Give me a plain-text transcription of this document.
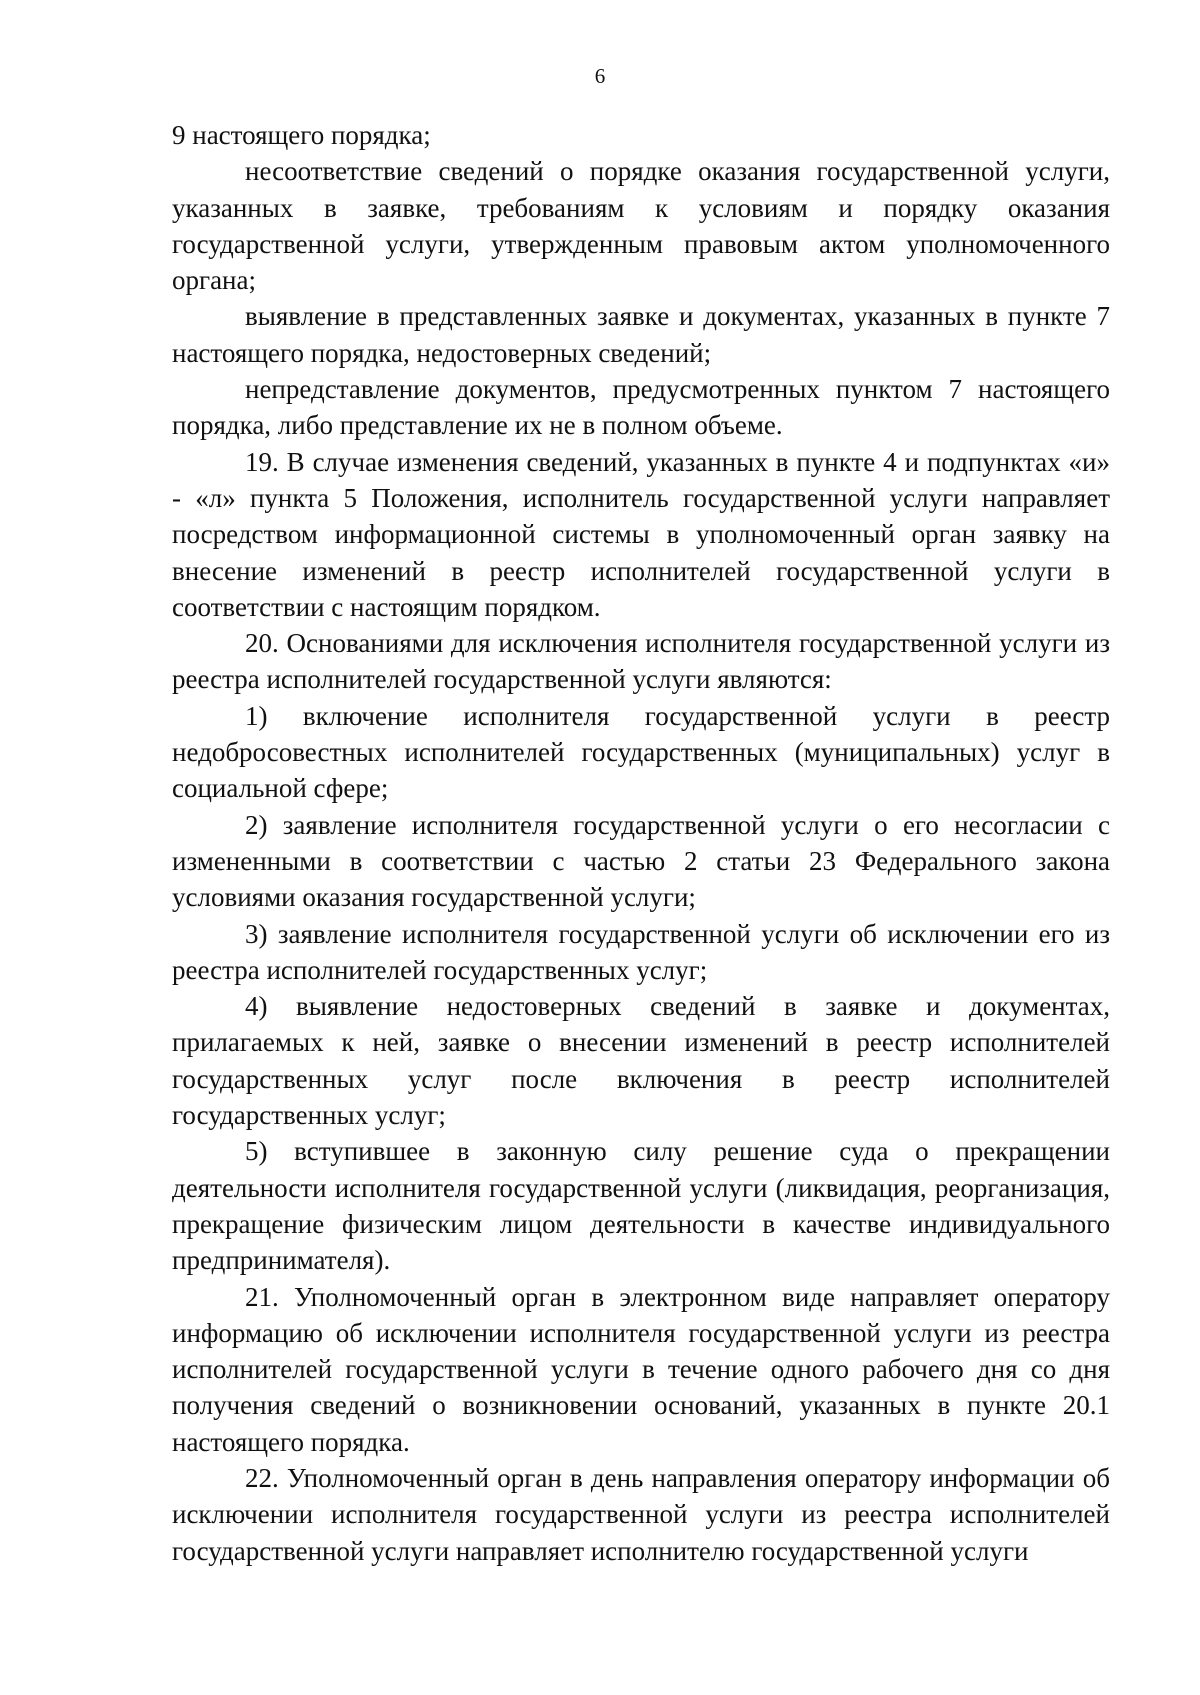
6

9 настоящего порядка;

несоответствие сведений о порядке оказания государственной услуги, указанных в заявке, требованиям к условиям и порядку оказания государственной услуги, утвержденным правовым актом уполномоченного органа;

выявление в представленных заявке и документах, указанных в пункте 7 настоящего порядка, недостоверных сведений;

непредставление документов, предусмотренных пунктом 7 настоящего порядка, либо представление их не в полном объеме.

19. В случае изменения сведений, указанных в пункте 4 и подпунктах «и» - «л» пункта 5 Положения, исполнитель государственной услуги направляет посредством информационной системы в уполномоченный орган заявку на внесение изменений в реестр исполнителей государственной услуги в соответствии с настоящим порядком.

20. Основаниями для исключения исполнителя государственной услуги из реестра исполнителей государственной услуги являются:

1) включение исполнителя государственной услуги в реестр недобросовестных исполнителей государственных (муниципальных) услуг в социальной сфере;

2) заявление исполнителя государственной услуги о его несогласии с измененными в соответствии с частью 2 статьи 23 Федерального закона условиями оказания государственной услуги;

3) заявление исполнителя государственной услуги об исключении его из реестра исполнителей государственных услуг;

4) выявление недостоверных сведений в заявке и документах, прилагаемых к ней, заявке о внесении изменений в реестр исполнителей государственных услуг после включения в реестр исполнителей государственных услуг;

5) вступившее в законную силу решение суда о прекращении деятельности исполнителя государственной услуги (ликвидация, реорганизация, прекращение физическим лицом деятельности в качестве индивидуального предпринимателя).

21. Уполномоченный орган в электронном виде направляет оператору информацию об исключении исполнителя государственной услуги из реестра исполнителей государственной услуги в течение одного рабочего дня со дня получения сведений о возникновении оснований, указанных в пункте 20.1 настоящего порядка.

22. Уполномоченный орган в день направления оператору информации об исключении исполнителя государственной услуги из реестра исполнителей государственной услуги направляет исполнителю государственной услуги
